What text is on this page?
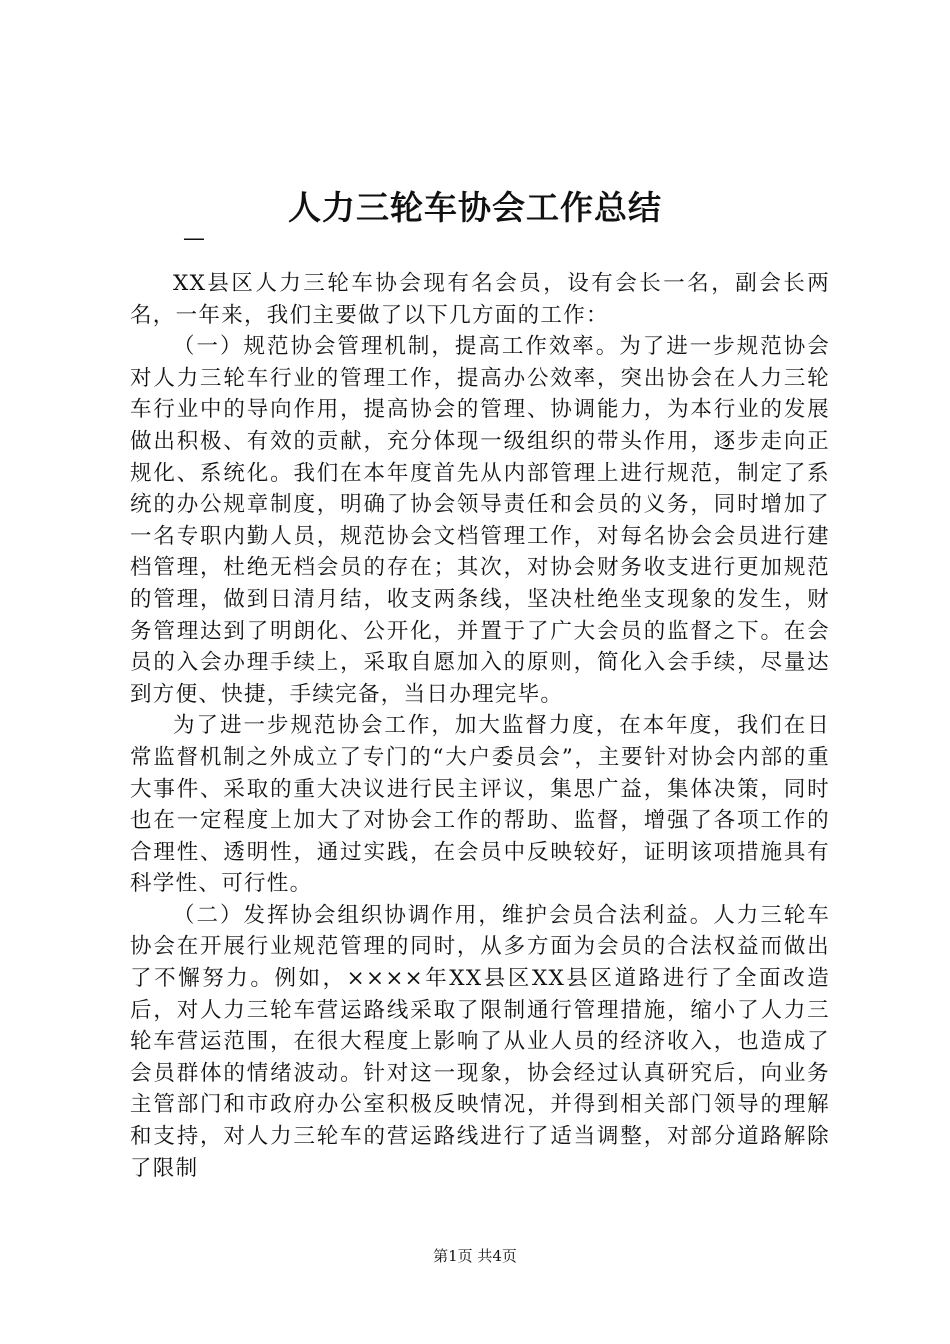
人力三轮车协会工作总结
—

XX县区人力三轮车协会现有名会员，设有会长一名，副会长两名，一年来，我们主要做了以下几方面的工作：

（一）规范协会管理机制，提高工作效率。为了进一步规范协会对人力三轮车行业的管理工作，提高办公效率，突出协会在人力三轮车行业中的导向作用，提高协会的管理、协调能力，为本行业的发展做出积极、有效的贡献，充分体现一级组织的带头作用，逐步走向正规化、系统化。我们在本年度首先从内部管理上进行规范，制定了系统的办公规章制度，明确了协会领导责任和会员的义务，同时增加了一名专职内勤人员，规范协会文档管理工作，对每名协会会员进行建档管理，杜绝无档会员的存在；其次，对协会财务收支进行更加规范的管理，做到日清月结，收支两条线，坚决杜绝坐支现象的发生，财务管理达到了明朗化、公开化，并置于了广大会员的监督之下。在会员的入会办理手续上，采取自愿加入的原则，简化入会手续，尽量达到方便、快捷，手续完备，当日办理完毕。

为了进一步规范协会工作，加大监督力度，在本年度，我们在日常监督机制之外成立了专门的“大户委员会”，主要针对协会内部的重大事件、采取的重大决议进行民主评议，集思广益，集体决策，同时也在一定程度上加大了对协会工作的帮助、监督，增强了各项工作的合理性、透明性，通过实践，在会员中反映较好，证明该项措施具有科学性、可行性。

（二）发挥协会组织协调作用，维护会员合法利益。人力三轮车协会在开展行业规范管理的同时，从多方面为会员的合法权益而做出了不懈努力。例如，××××年XX县区XX县区道路进行了全面改造后，对人力三轮车营运路线采取了限制通行管理措施，缩小了人力三轮车营运范围，在很大程度上影响了从业人员的经济收入，也造成了会员群体的情绪波动。针对这一现象，协会经过认真研究后，向业务主管部门和市政府办公室积极反映情况，并得到相关部门领导的理解和支持，对人力三轮车的营运路线进行了适当调整，对部分道路解除了限制

第1页 共4页
